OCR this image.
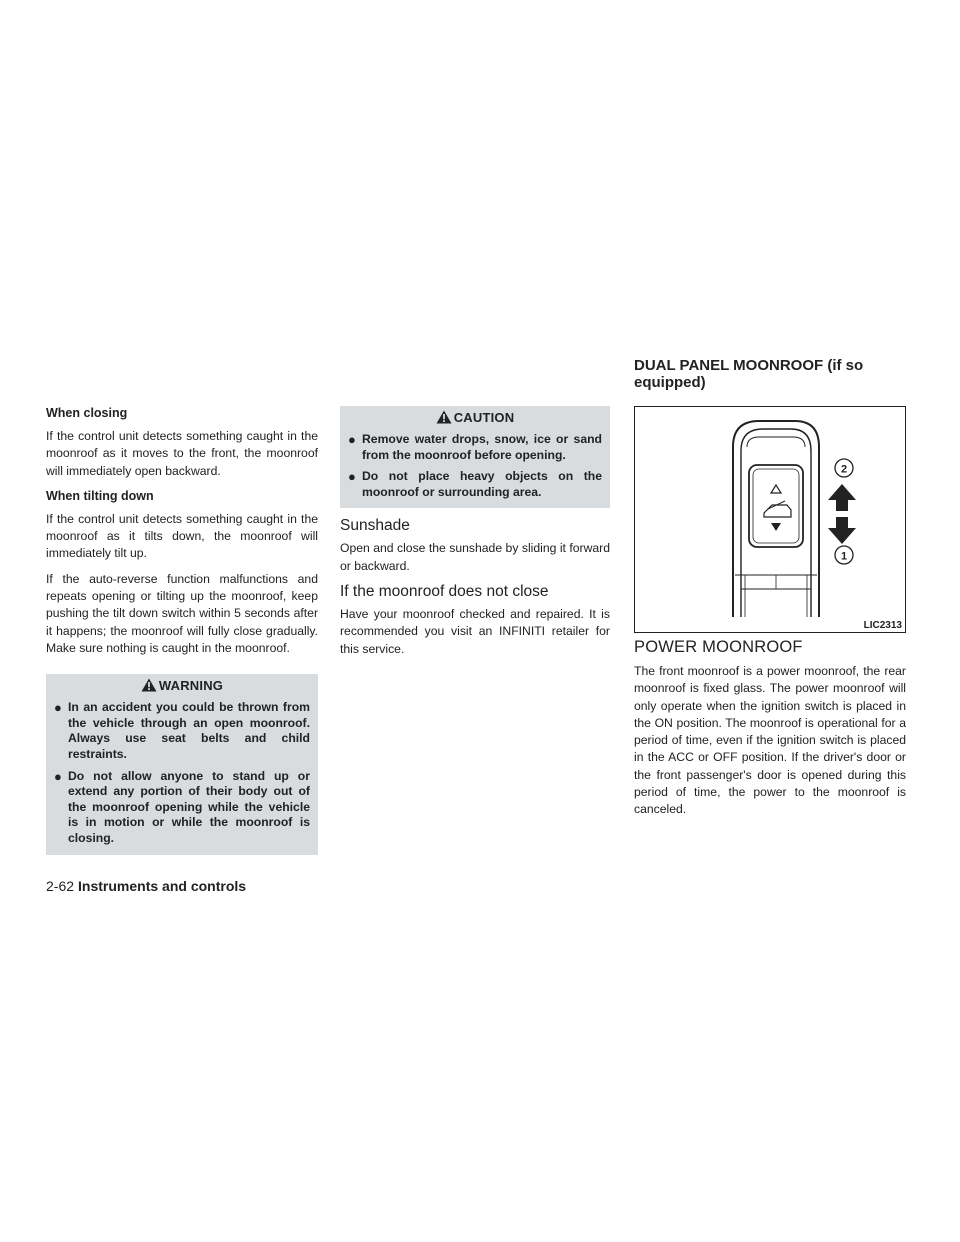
When closing

If the control unit detects something caught in the moonroof as it moves to the front, the moonroof will immediately open backward.

When tilting down

If the control unit detects something caught in the moonroof as it tilts down, the moonroof will immediately tilt up.

If the auto-reverse function malfunctions and repeats opening or tilting up the moonroof, keep pushing the tilt down switch within 5 seconds after it happens; the moonroof will fully close gradually. Make sure nothing is caught in the moonroof.

WARNING
● In an accident you could be thrown from the vehicle through an open moonroof. Always use seat belts and child restraints.
● Do not allow anyone to stand up or extend any portion of their body out of the moonroof opening while the vehicle is in motion or while the moonroof is closing.
CAUTION
● Remove water drops, snow, ice or sand from the moonroof before opening.
● Do not place heavy objects on the moonroof or surrounding area.
Sunshade

Open and close the sunshade by sliding it forward or backward.

If the moonroof does not close

Have your moonroof checked and repaired. It is recommended you visit an INFINITI retailer for this service.

DUAL PANEL MOONROOF (if so equipped)
2
1
LIC2313
POWER MOONROOF

The front moonroof is a power moonroof, the rear moonroof is fixed glass. The power moonroof will only operate when the ignition switch is placed in the ON position. The moonroof is operational for a period of time, even if the ignition switch is placed in the ACC or OFF position. If the driver's door or the front passenger's door is opened during this period of time, the power to the moonroof is canceled.

2-62 Instruments and controls
